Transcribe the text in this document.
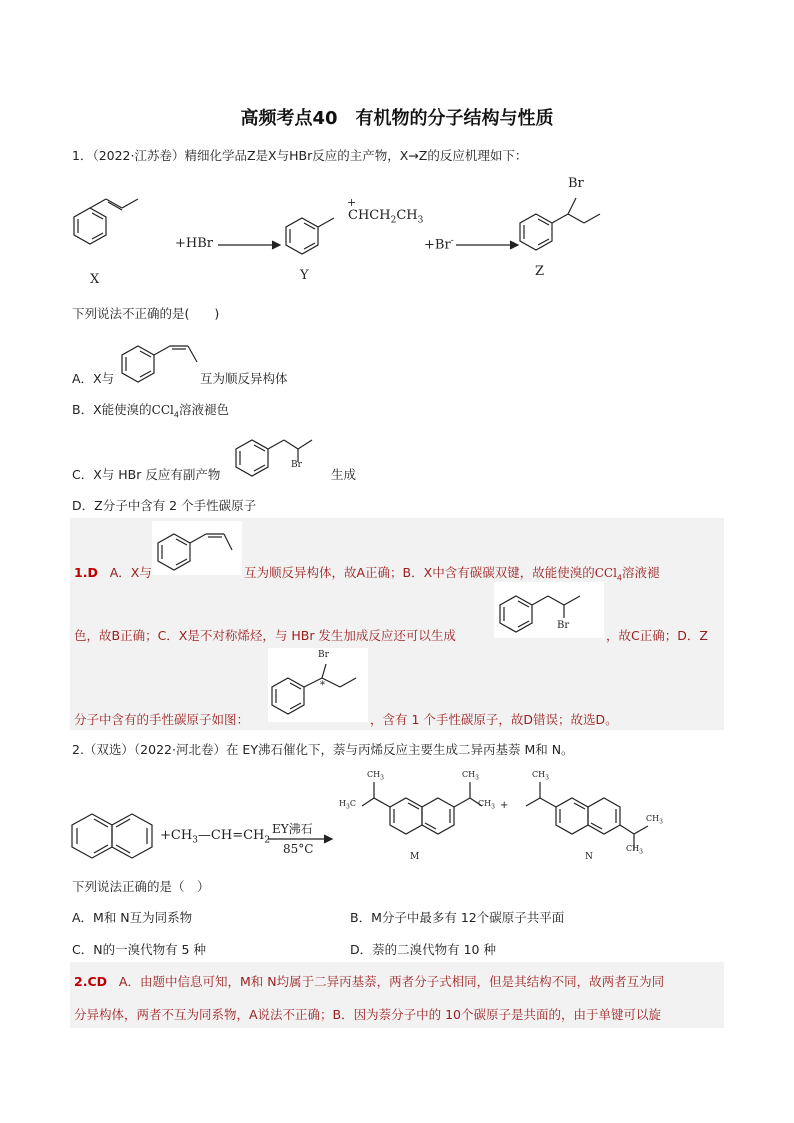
高频考点40　有机物的分子结构与性质
1．（2022·江苏卷）精细化学品Z是X与HBr反应的主产物，X→Z的反应机理如下：
X
+HBr
+
$CHCH_2CH_3$
Y
+Br-
Br
Z
下列说法不正确的是(　　)
A．X与	互为顺反异构体
B．X能使溴的CCl$_4$溶液褪色
C．X与 HBr 反应有副产物
Br
生成
D．Z分子中含有 2 个手性碳原子
1.D A．X与	互为顺反异构体，故A正确；B．X中含有碳碳双键，故能使溴的CCl$_4$溶液褪
Br
色，故B正确；C．X是不对称烯烃，与 HBr 发生加成反应还可以生成	，故C正确；D．Z
Br
*
分子中含有的手性碳原子如图：	，含有 1 个手性碳原子，故D错误；故选D。
2.（双选）（2022·河北卷）在 EY沸石催化下，萘与丙烯反应主要生成二异丙基萘 M和 N。
$+CH_3—CH=CH_2$
EY沸石
85°C
$CH_3$
$H_3C$
$CH_3$
$CH_3$
M
+
$CH_3$
$CH_3$
$CH_3$
N
下列说法正确的是（　）
A．M和 N互为同系物	B．M分子中最多有 12个碳原子共平面
C．N的一溴代物有 5 种	D．萘的二溴代物有 10 种
2.CD A．由题中信息可知，M和 N均属于二异丙基萘，两者分子式相同，但是其结构不同，故两者互为同
分异构体，两者不互为同系物，A说法不正确；B．因为萘分子中的 10个碳原子是共面的，由于单键可以旋
